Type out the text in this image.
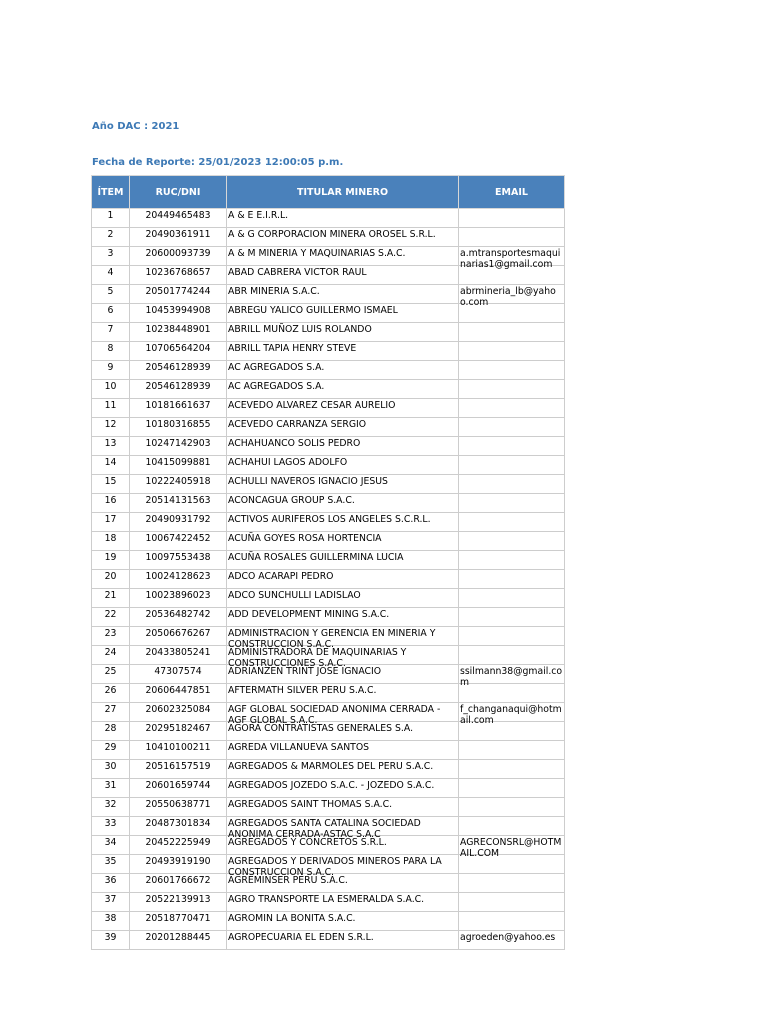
Año DAC : 2021
Fecha de Reporte: 25/01/2023 12:00:05 p.m.
ÍTEM	RUC/DNI	TITULAR MINERO	EMAIL

1	20449465483	A & E E.I.R.L.	

2	20490361911	A & G CORPORACION MINERA OROSEL S.R.L.	

3	20600093739	A & M MINERIA Y MAQUINARIAS S.A.C.	a.mtransportesmaquinarias1@gmail.com

4	10236768657	ABAD CABRERA VICTOR RAUL	

5	20501774244	ABR MINERIA S.A.C.	abrmineria_lb@yahoo.com

6	10453994908	ABREGU YALICO GUILLERMO ISMAEL	

7	10238448901	ABRILL MUÑOZ LUIS ROLANDO	

8	10706564204	ABRILL TAPIA HENRY STEVE	

9	20546128939	AC AGREGADOS S.A.	

10	20546128939	AC AGREGADOS S.A.	

11	10181661637	ACEVEDO ALVAREZ CESAR AURELIO	

12	10180316855	ACEVEDO CARRANZA SERGIO	

13	10247142903	ACHAHUANCO SOLIS PEDRO	

14	10415099881	ACHAHUI LAGOS ADOLFO	

15	10222405918	ACHULLI NAVEROS IGNACIO JESUS	

16	20514131563	ACONCAGUA GROUP S.A.C.	

17	20490931792	ACTIVOS AURIFEROS LOS ANGELES S.C.R.L.	

18	10067422452	ACUÑA GOYES ROSA HORTENCIA	

19	10097553438	ACUÑA ROSALES GUILLERMINA LUCIA	

20	10024128623	ADCO ACARAPI PEDRO	

21	10023896023	ADCO SUNCHULLI LADISLAO	

22	20536482742	ADD DEVELOPMENT MINING S.A.C.	

23	20506676267	ADMINISTRACION Y GERENCIA EN MINERIA Y CONSTRUCCION S.A.C.	

24	20433805241	ADMINISTRADORA DE MAQUINARIAS Y CONSTRUCCIONES S.A.C.	

25	47307574	ADRIANZEN TRINT JOSE IGNACIO	ssilmann38@gmail.com

26	20606447851	AFTERMATH SILVER PERU S.A.C.	

27	20602325084	AGF GLOBAL SOCIEDAD ANONIMA CERRADA - AGF GLOBAL S.A.C.	f_changanaqui@hotmail.com

28	20295182467	AGORA CONTRATISTAS GENERALES S.A.	

29	10410100211	AGREDA VILLANUEVA SANTOS	

30	20516157519	AGREGADOS & MARMOLES DEL PERU S.A.C.	

31	20601659744	AGREGADOS JOZEDO S.A.C. - JOZEDO S.A.C.	

32	20550638771	AGREGADOS SAINT THOMAS S.A.C.	

33	20487301834	AGREGADOS SANTA CATALINA SOCIEDAD ANONIMA CERRADA-ASTAC S.A.C	

34	20452225949	AGREGADOS Y CONCRETOS S.R.L.	AGRECONSRL@HOTMAIL.COM

35	20493919190	AGREGADOS Y DERIVADOS MINEROS PARA LA CONSTRUCCION S.A.C.	

36	20601766672	AGREMINSER PERU S.A.C.	

37	20522139913	AGRO TRANSPORTE LA ESMERALDA S.A.C.	

38	20518770471	AGROMIN LA BONITA S.A.C.	

39	20201288445	AGROPECUARIA EL EDEN S.R.L.	agroeden@yahoo.es
